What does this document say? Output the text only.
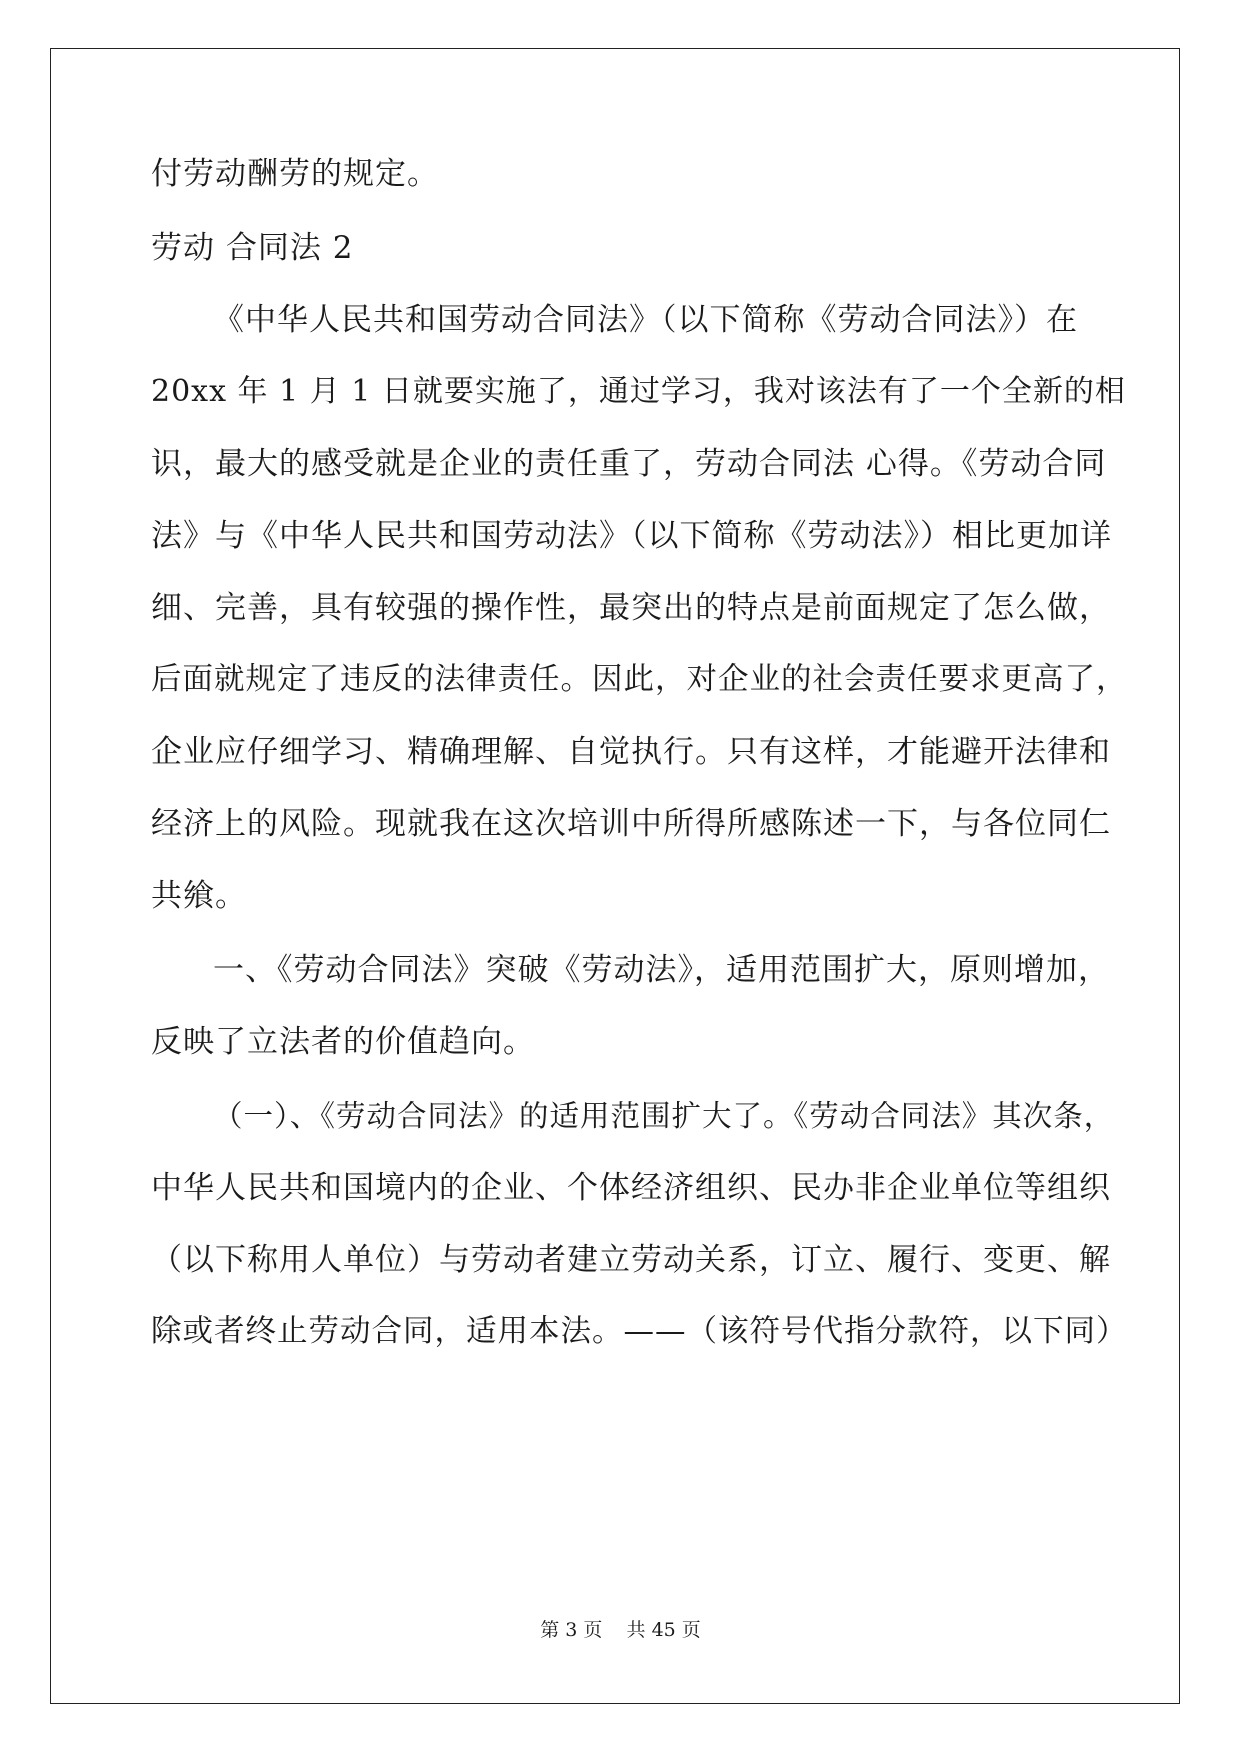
付劳动酬劳的规定。

劳动 合同法 2

《中华人民共和国劳动合同法》（以下简称《劳动合同法》）在

20xx 年 1 月 1 日就要实施了，通过学习，我对该法有了一个全新的相

识，最大的感受就是企业的责任重了，劳动合同法 心得。《劳动合同

法》与《中华人民共和国劳动法》（以下简称《劳动法》）相比更加详

细、完善，具有较强的操作性，最突出的特点是前面规定了怎么做，

后面就规定了违反的法律责任。因此，对企业的社会责任要求更高了，

企业应仔细学习、精确理解、自觉执行。只有这样，才能避开法律和

经济上的风险。现就我在这次培训中所得所感陈述一下，与各位同仁

共飨。

一、《劳动合同法》突破《劳动法》，适用范围扩大，原则增加，

反映了立法者的价值趋向。

（一）、《劳动合同法》的适用范围扩大了。《劳动合同法》其次条，

中华人民共和国境内的企业、个体经济组织、民办非企业单位等组织

（以下称用人单位）与劳动者建立劳动关系，订立、履行、变更、解

除或者终止劳动合同，适用本法。——（该符号代指分款符，以下同）

第 3 页    共 45 页
